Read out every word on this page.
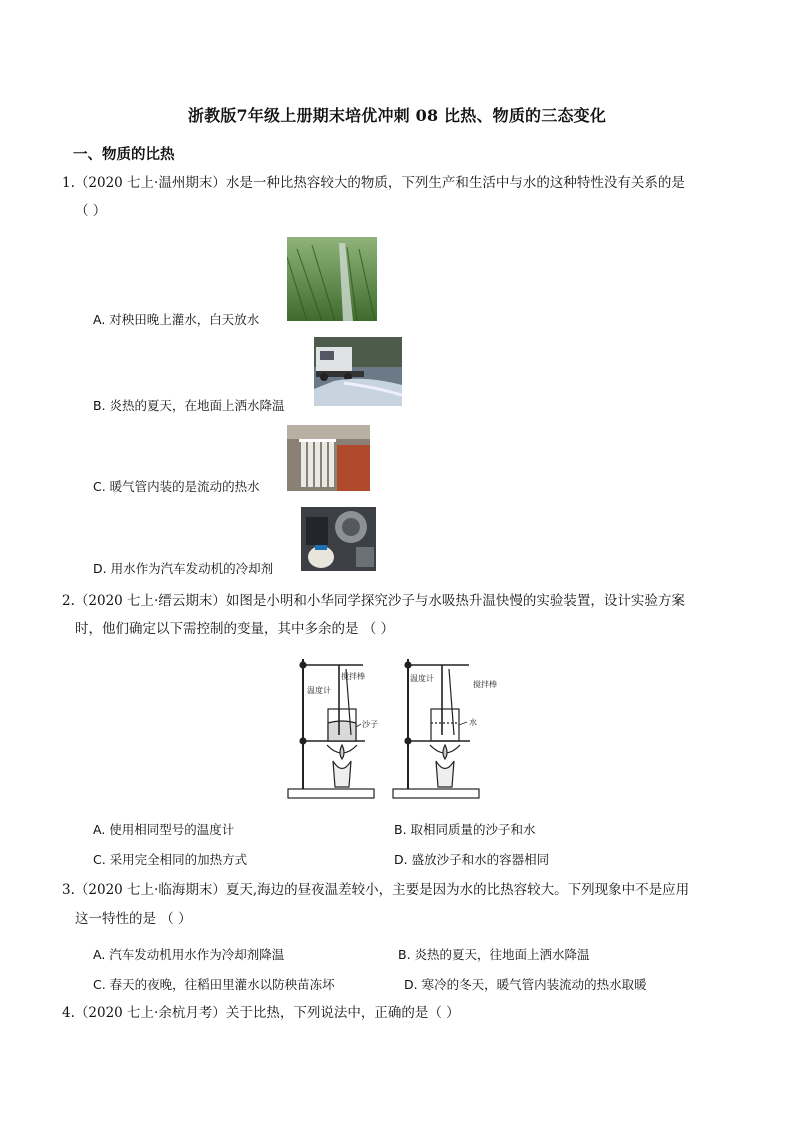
浙教版7年级上册期末培优冲刺 08 比热、物质的三态变化
一、物质的比热
1.（2020 七上·温州期末）水是一种比热容较大的物质，下列生产和生活中与水的这种特性没有关系的是
（ ）
A. 对秧田晚上灌水，白天放水
B. 炎热的夏天，在地面上洒水降温
C. 暖气管内装的是流动的热水
D. 用水作为汽车发动机的冷却剂
2.（2020 七上·缙云期末）如图是小明和小华同学探究沙子与水吸热升温快慢的实验装置，设计实验方案
时，他们确定以下需控制的变量，其中多余的是 （ ）
温度计
搅拌棒
沙子
温度计
搅拌棒
水
A. 使用相同型号的温度计	B. 取相同质量的沙子和水
C. 采用完全相同的加热方式	D. 盛放沙子和水的容器相同
3.（2020 七上·临海期末）夏天,海边的昼夜温差较小，主要是因为水的比热容较大。下列现象中不是应用
这一特性的是 （ ）
A. 汽车发动机用水作为冷却剂降温	B. 炎热的夏天，往地面上洒水降温
C. 春天的夜晚，往稻田里灌水以防秧苗冻坏	D. 寒冷的冬天，暖气管内装流动的热水取暖
4.（2020 七上·余杭月考）关于比热，下列说法中，正确的是（ ）
